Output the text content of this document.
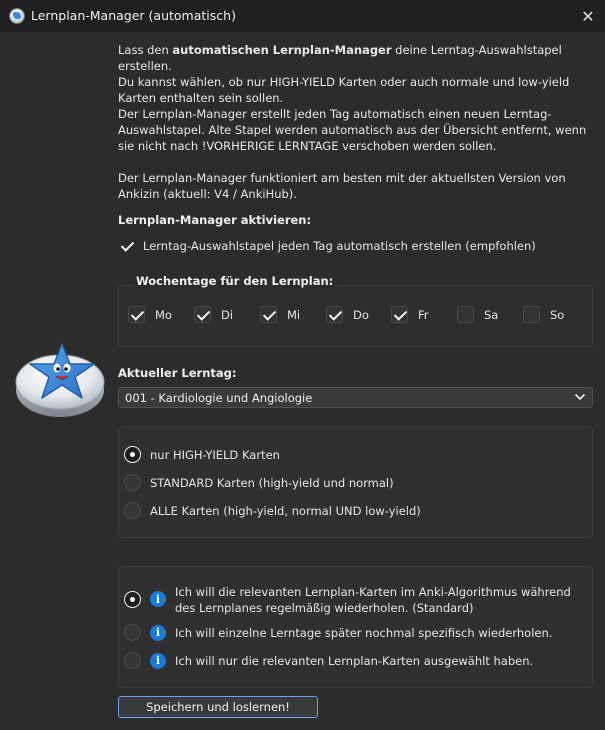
Lernplan-Manager (automatisch)	✕

Lass den automatischen Lernplan-Manager deine Lerntag-Auswahlstapel erstellen.

Du kannst wählen, ob nur HIGH-YIELD Karten oder auch normale und low-yield Karten enthalten sein sollen.

Der Lernplan-Manager erstellt jeden Tag automatisch einen neuen Lerntag-Auswahlstapel. Alte Stapel werden automatisch aus der Übersicht entfernt, wenn sie nicht nach !VORHERIGE LERNTAGE verschoben werden sollen.

Der Lernplan-Manager funktioniert am besten mit der aktuellsten Version von Ankizin (aktuell: V4 / AnkiHub).

Lernplan-Manager aktivieren:
Lerntag-Auswahlstapel jeden Tag automatisch erstellen (empfohlen)
Wochentage für den Lernplan:
Mo	Di	Mi	Do	Fr	Sa	So
Aktueller Lerntag:
001 - Kardiologie und Angiologie
nur HIGH-YIELD Karten
STANDARD Karten (high-yield und normal)
ALLE Karten (high-yield, normal UND low-yield)
i	Ich will die relevanten Lernplan-Karten im Anki-Algorithmus während des Lernplanes regelmäßig wiederholen. (Standard)
i	Ich will einzelne Lerntage später nochmal spezifisch wiederholen.
i	Ich will nur die relevanten Lernplan-Karten ausgewählt haben.
Speichern und loslernen!
